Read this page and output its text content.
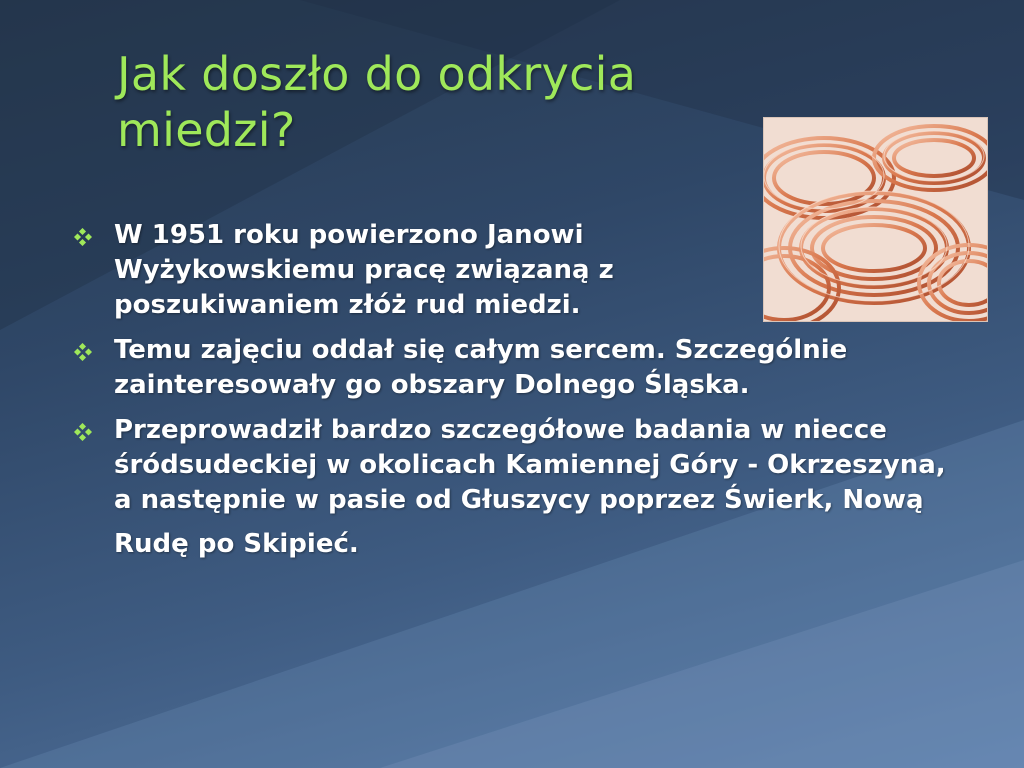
Jak doszło do odkrycia miedzi?
W 1951 roku powierzono Janowi Wyżykowskiemu pracę związaną z poszukiwaniem złóż rud miedzi.
Temu zajęciu oddał się całym sercem. Szczególnie zainteresowały go obszary Dolnego Śląska.
Przeprowadził bardzo szczegółowe badania w niecce śródsudeckiej w okolicach Kamiennej Góry - Okrzeszyna, a następnie w pasie od Głuszycy poprzez Świerk, Nową Rudę po Skipieć.
